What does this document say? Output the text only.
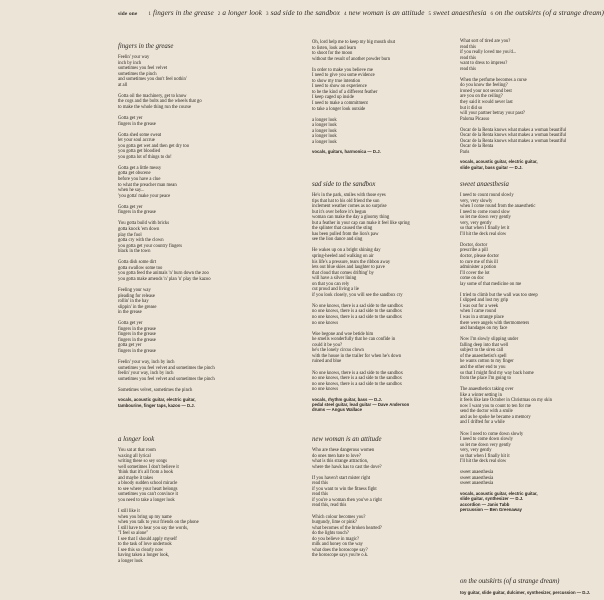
side one 1 fingers in the grease 2 a longer look 3 sad side to the sandbox 4 new woman is an attitude 5 sweet anaesthesia 6 on the outskirts (of a strange dream)
fingers in the grease
Feelin' your way
inch by inch
sometimes you feel velvet
sometimes the pinch
and sometimes you don't feel nothin'
at all
Gotta oil the machinery, get to know
the cogs and the bolts and the wheels that go
to make the whole thing run the course
Gotta get yer
fingers in the grease
Gotta shed some sweat
let your soul accrue
you gotta get wet and then get dry too
you gotta get bloodied
you gotta lot of things to do!
Gotta get a little messy
gotta get obscene
before you have a clue
to what the preacher man mean
when he say...
'you gotta' make your peace
Gotta get yer
fingers in the grease
You gotta build with bricks
gotta knock 'em down
play the fool
gotta cry with the clown
you gotta get your country fingers
black in the town
Gotta dish some dirt
gotta swallow some too
you gotta feed the animals 'n' burn down the zoo
you gotta make amends 'n' plan 'n' play the kazoo
Feeling your way
pleading for release
rollin' in the hay
slippin' in the grease
in the grease
Gotta get yer
fingers in the grease
fingers in the grease
fingers in the grease
gotta get yer
fingers in the grease
Feelin' your way, inch by inch
sometimes you feel velvet and sometimes the pinch
feelin' your way, inch by inch
sometimes you feel velvet and sometimes the pinch
Sometimes velvet, sometimes the pinch
vocals, acoustic guitar, electric guitar,
tambourine, finger taps, kazoo — D.J.
Oh, lord help me to keep my big mouth shut
to listen, look and learn
to shoot for the moon
without the result of another powder burn
In order to make you believe me
I need to give you some evidence
to show my true intention
I need to show on experience
to be the kind of a different feather
I keep caged up inside
I need to make a commitment
to take a longer look outside
a longer look
a longer look
a longer look
a longer look
a longer look
vocals, guitars, harmonica — D.J.
What sort of tired are you?
read this
if you really loved me you'd...
read this
want to dress to impress?
read this
When the perfume becomes a curse
do you know the feeling?
ironed your not second best
are you on the ceiling?
they said it would never last
but it did so
will your partner betray your past?
Paloma Picasso
Oscar de la Renta knows what makes a woman beautiful
Oscar de la Renta knows what makes a woman beautiful
Oscar de la Renta knows what makes a woman beautiful
Oscar de la Renta
Paris
vocals, acoustic guitar, electric guitar,
slide guitar, bass guitar — D.J.
sad side to the sandbox
He's in the park, smiles with those eyes
tips that hat to his old friend the sun
inclement weather comes as no surprise
but it's over before it's begun
woman can make the day a gloomy thing
but a feather in your cap can make it feel like spring
the splinter that caused the sting
has been pulled from the lion's paw
see the lion dance and sing
He wakes up on a bright shining day
spring-heeled and walking on air
his life's a pressure, tears the ribbon away
lets out blue skies and laughter to pave
that cloud that comes drifting' by
will have a silver lining
on that you can rely
cut proud and living a lie
if you look closely, you will see the sandbox cry
No one knows, there is a sad side to the sandbox
no one knows, there is a sad side to the sandbox
no one knows, there is a sad side to the sandbox
no one knows
Woe begone and woe betide him
he smells wonderfully that he can confide in
could it be you?
he's the lonely circus clown
with the house in the trailer for when he's down
ruined and blue
No one knows, there is a sad side to the sandbox
no one knows, there is a sad side to the sandbox
no one knows, there is a sad side to the sandbox
no one knows
vocals, rhythm guitar, bass — D.J.
pedal steel guitar, lead guitar — Dave Anderson
drums — Angus Wallace
sweet anaesthesia
I need to count round slowly
very, very slowly
when I come round from the anaesthetic
I need to come round slow
so let me down very gently
very, very gently
so that when I finally let it
I'll hit the deck real slow
Doctor, doctor
prescribe a pill
doctor, please doctor
to cure me of this ill
administer a potion
I'll cover the lot
come on doc
lay some of that medicine on me
I tried to climb but the wall was too steep
I slipped and lost my grip
I was out for a week
when I came round
I was in a strange place
there were angels with thermometers
and bandages on my face
Now I'm slowly slipping under
falling deep into that well
subject to the siren call
of the anaesthetist's spell
he wants cotton to my finger
and the other end to you
so that I might find my way back home
from the place I'm going to
The anaesthetics taking over
like a winter setting in
it feels like late October in Christmas on my skin
now I want you to count to ten for me
send the doctor with a smile
and as he spoke he became a memory
and I drifted for a while
Now I need to come down slowly
I need to come down slowly
so let me down very gently
very, very gently
so that when I finally hit it
I'll hit the deck real slow
sweet anaesthesia
sweet anaesthesia
sweet anaesthesia
vocals, acoustic guitar, electric guitar,
slide guitar, synthesizer — D.J.
accordion — Janis Tabb
percussion — Ben Greenaway
a longer look
You sat at that room
waxing all lyrical
writing these so sey songs
well sometimes I don't believe it
'think that it's all from a book
and maybe it takes
a bloody sudden school miracle
to see where your heart belongs
sometimes you can't convince it
you need to take a longer look
I still like it
when you bring up my name
when you talk to your friends on the phone
I still have to hear you say the words,
"I feel so alone"
I see that I should apply myself
to the task of love undertook
I see this so clearly now
having taken a longer look,
a longer look
new woman is an attitude
Who are these dangerous women
do ones men hate to love?
what is this strange attraction,
where the hawk has to cast the dove?
If you haven't start mister right
read this
if you want to win the fitness fight
read this
if you're a woman then you've a right
read this, read this
Which colour becomes you?
burgundy, lime or pink?
what becomes of the broken hearted?
do the lights touch?
do you believe in magic?
milk and honey on the way
what does the horoscope say?
the horoscope says you're o.k.
on the outskirts (of a strange dream)
toy guitar, slide guitar, dulcimer, synthesizer, percussion — D.J.
